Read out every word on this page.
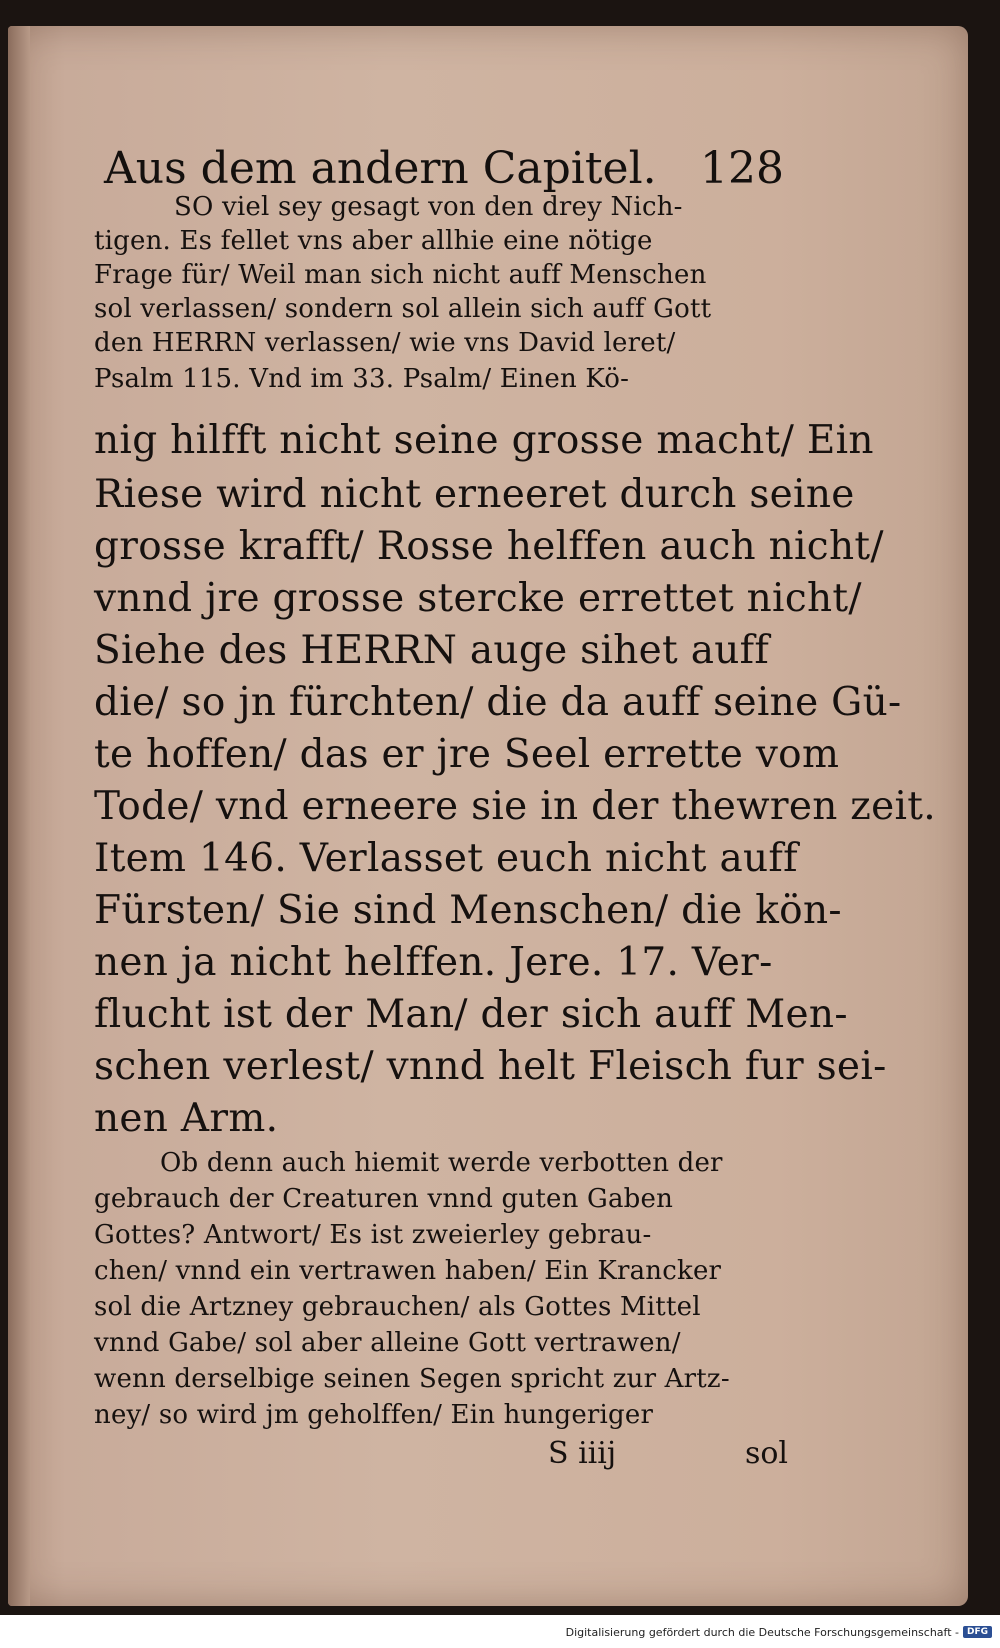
Aus dem andern Capitel. 128
SO viel sey gesagt von den drey Nich-
tigen. Es fellet vns aber allhie eine nötige
Frage für/ Weil man sich nicht auff Menschen
sol verlassen/ sondern sol allein sich auff Gott
den HERRN verlassen/ wie vns David leret/
Psalm 115. Vnd im 33. Psalm/ Einen Kö-
nig hilfft nicht seine grosse macht/ Ein
Riese wird nicht erneeret durch seine
grosse krafft/ Rosse helffen auch nicht/
vnnd jre grosse stercke errettet nicht/
Siehe des HERRN auge sihet auff
die/ so jn fürchten/ die da auff seine Gü-
te hoffen/ das er jre Seel errette vom
Tode/ vnd erneere sie in der thewren zeit.
Item 146. Verlasset euch nicht auff
Fürsten/ Sie sind Menschen/ die kön-
nen ja nicht helffen. Jere. 17. Ver-
flucht ist der Man/ der sich auff Men-
schen verlest/ vnnd helt Fleisch fur sei-
nen Arm.
Ob denn auch hiemit werde verbotten der
gebrauch der Creaturen vnnd guten Gaben
Gottes? Antwort/ Es ist zweierley gebrau-
chen/ vnnd ein vertrawen haben/ Ein Krancker
sol die Artzney gebrauchen/ als Gottes Mittel
vnnd Gabe/ sol aber alleine Gott vertrawen/
wenn derselbige seinen Segen spricht zur Artz-
ney/ so wird jm geholffen/ Ein hungeriger
S iiij	sol
Digitalisierung gefördert durch die Deutsche Forschungsgemeinschaft - DFG
